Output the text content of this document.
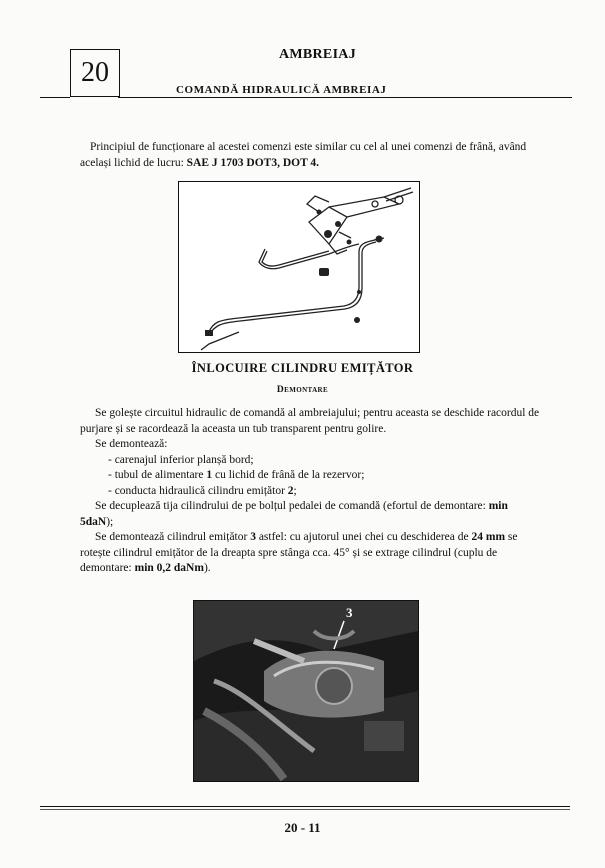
20
AMBREIAJ
COMANDĂ HIDRAULICĂ AMBREIAJ
Principiul de funcționare al acestei comenzi este similar cu cel al unei comenzi de frână, având același lichid de lucru: SAE J 1703 DOT3, DOT 4.
ÎNLOCUIRE CILINDRU EMIȚĂTOR
Demontare

Se golește circuitul hidraulic de comandă al ambreiajului; pentru aceasta se deschide racordul de purjare și se racordează la aceasta un tub transparent pentru golire.

Se demontează:

- carenajul inferior planșă bord;

- tubul de alimentare 1 cu lichid de frână de la rezervor;

- conducta hidraulică cilindru emițător 2;

Se decuplează tija cilindrului de pe bolțul pedalei de comandă (efortul de demontare: min 5daN);

Se demontează cilindrul emițător 3 astfel: cu ajutorul unei chei cu deschiderea de 24 mm se rotește cilindrul emițător de la dreapta spre stânga cca. 45° și se extrage cilindrul (cuplu de demontare: min 0,2 daNm).

3
20 - 11
